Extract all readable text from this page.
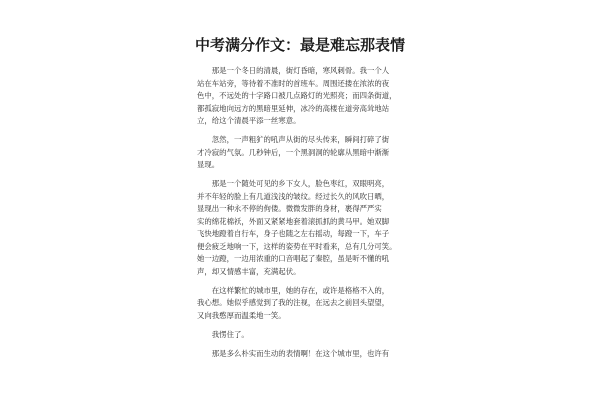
中考满分作文：最是难忘那表情
　　那是一个冬日的清晨，街灯昏暗，寒风刺骨。我一个人
站在车站旁，等待着不准时的首班车。周围还搂在浓浓的夜
色中，不远处的十字路口被几点路灯的光照亮；而四条街道，
都孤寂地向远方的黑暗里延伸，冰冷的高楼在道旁高耸地站
立，给这个清晨平添一丝寒意。
　　忽然，一声粗犷的吼声从街的尽头传来，瞬间打碎了街
才冷寂的气氛。几秒钟后，一个黑洞洞的轮廓从黑暗中渐渐
显现。
　　那是一个随处可见的乡下女人，脸色枣红，双眼明亮，
并不年轻的脸上有几道浅浅的皱纹。经过长久的风吹日晒，
显现出一种永不停的佝偻。微微发胖的身材，裹得严严实
实的绵花棉袄，外面又紧紧地套着滚抓抓的黄马甲。她双脚
飞快地蹬着自行车，身子也随之左右摇动，每蹬一下，车子
便会疲乏地响一下，这样的姿势在平时看来，总有几分可笑。
她一边蹬，一边用浓重的口音唱起了秦腔，虽是听不懂的吼
声，却又情感丰富，充满起伏。
　　在这样繁忙的城市里，她的存在，或许是格格不入的，
我心想。她似乎感觉到了我的注视，在远去之前回头望望，
又向我憨厚而温柔地一笑。
　　我愣住了。
　　那是多么朴实而生动的表情啊！在这个城市里，也许有
